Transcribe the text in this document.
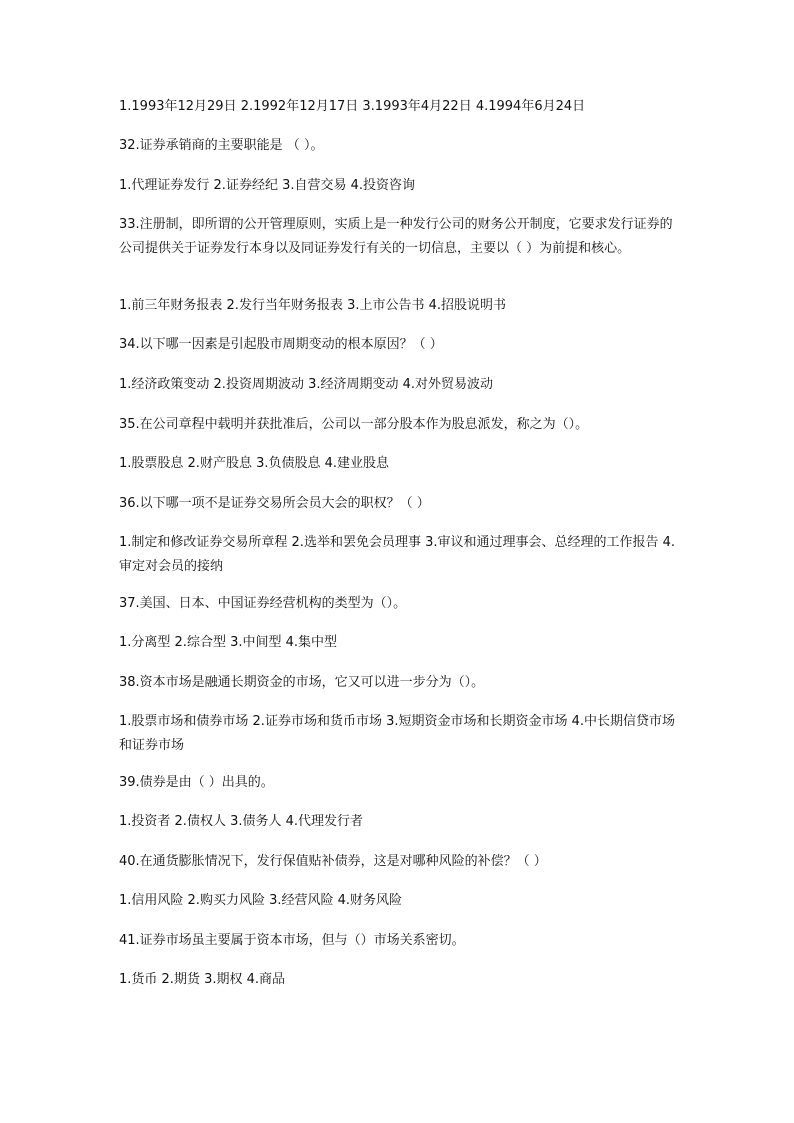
1.1993年12月29日 2.1992年12月17日 3.1993年4月22日 4.1994年6月24日
32.证券承销商的主要职能是 （ ）。
1.代理证券发行 2.证券经纪 3.自营交易 4.投资咨询
33.注册制，即所谓的公开管理原则，实质上是一种发行公司的财务公开制度，它要求发行证券的公司提供关于证券发行本身以及同证券发行有关的一切信息，主要以（ ）为前提和核心。
1.前三年财务报表 2.发行当年财务报表 3.上市公告书 4.招股说明书
34.以下哪一因素是引起股市周期变动的根本原因？（ ）
1.经济政策变动 2.投资周期波动 3.经济周期变动 4.对外贸易波动
35.在公司章程中载明并获批准后，公司以一部分股本作为股息派发，称之为（）。
1.股票股息 2.财产股息 3.负债股息 4.建业股息
36.以下哪一项不是证券交易所会员大会的职权？（ ）
1.制定和修改证券交易所章程 2.选举和罢免会员理事 3.审议和通过理事会、总经理的工作报告 4.审定对会员的接纳
37.美国、日本、中国证券经营机构的类型为（）。
1.分离型 2.综合型 3.中间型 4.集中型
38.资本市场是融通长期资金的市场，它又可以进一步分为（）。
1.股票市场和债券市场 2.证券市场和货币市场 3.短期资金市场和长期资金市场 4.中长期信贷市场和证券市场
39.债券是由（ ）出具的。
1.投资者 2.债权人 3.债务人 4.代理发行者
40.在通货膨胀情况下，发行保值贴补债券，这是对哪种风险的补偿？（ ）
1.信用风险 2.购买力风险 3.经营风险 4.财务风险
41.证券市场虽主要属于资本市场，但与（）市场关系密切。
1.货币 2.期货 3.期权 4.商品
